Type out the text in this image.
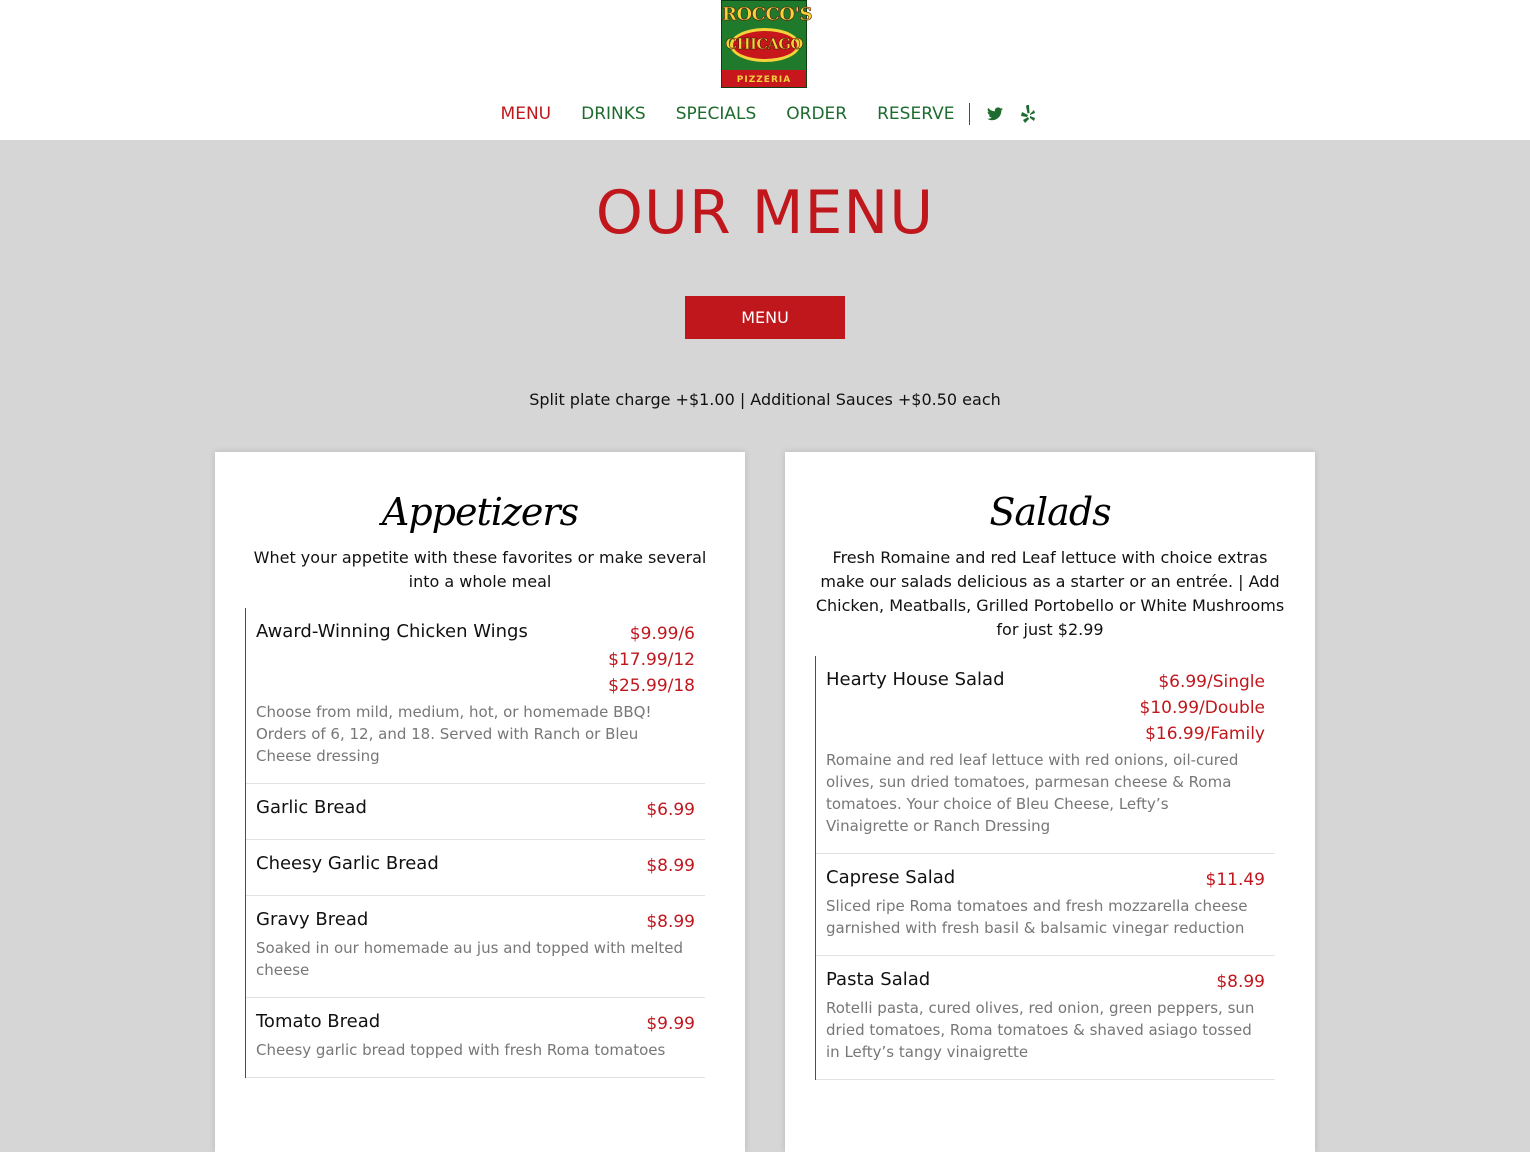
ROCCO'S
CHICAGO
PIZZERIA
MENU DRINKS SPECIALS ORDER RESERVE
OUR MENU
MENU
Split plate charge +$1.00 | Additional Sauces +$0.50 each
Appetizers
Whet your appetite with these favorites or make several into a whole meal
Award-Winning Chicken Wings	$9.99/6
$17.99/12
$25.99/18
Choose from mild, medium, hot, or homemade BBQ! Orders of 6, 12, and 18. Served with Ranch or Bleu Cheese dressing
Garlic Bread	$6.99
Cheesy Garlic Bread	$8.99
Gravy Bread	$8.99
Soaked in our homemade au jus and topped with melted cheese
Tomato Bread	$9.99
Cheesy garlic bread topped with fresh Roma tomatoes
Salads
Fresh Romaine and red Leaf lettuce with choice extras make our salads delicious as a starter or an entrée. | Add Chicken, Meatballs, Grilled Portobello or White Mushrooms for just $2.99
Hearty House Salad	$6.99/Single
$10.99/Double
$16.99/Family
Romaine and red leaf lettuce with red onions, oil-cured olives, sun dried tomatoes, parmesan cheese & Roma tomatoes. Your choice of Bleu Cheese, Lefty’s Vinaigrette or Ranch Dressing
Caprese Salad	$11.49
Sliced ripe Roma tomatoes and fresh mozzarella cheese garnished with fresh basil & balsamic vinegar reduction
Pasta Salad	$8.99
Rotelli pasta, cured olives, red onion, green peppers, sun dried tomatoes, Roma tomatoes & shaved asiago tossed in Lefty’s tangy vinaigrette
